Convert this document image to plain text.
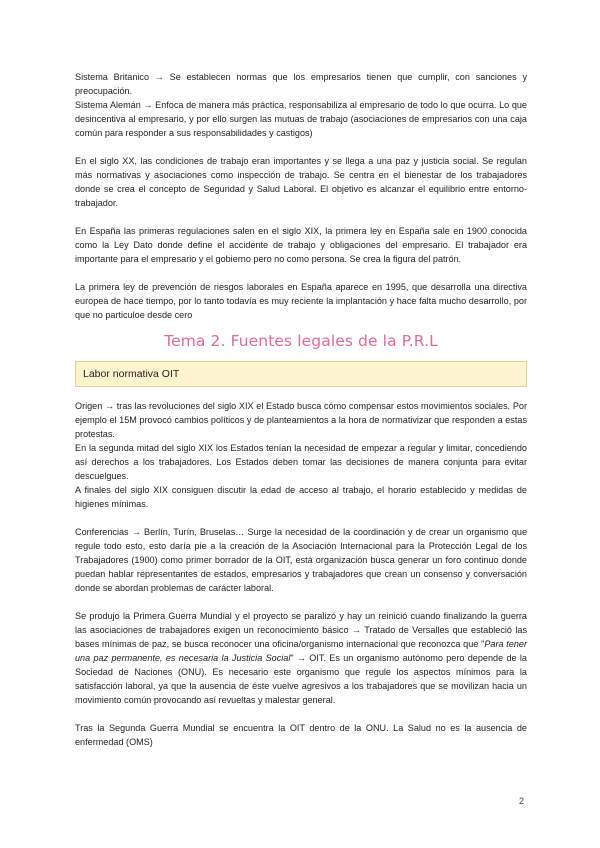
Sistema Britanico → Se establecen normas que los empresarios tienen que cumplir, con sanciones y preocupación.

Sistema Alemán → Enfoca de manera más práctica, responsabiliza al empresario de todo lo que ocurra. Lo que desincentiva al empresario, y por ello surgen las mutuas de trabajo (asociaciones de empresarios con una caja común para responder a sus responsabilidades y castigos)

En el siglo XX, las condiciones de trabajo eran importantes y se llega a una paz y justicia social. Se regulan más normativas y asociaciones como inspección de trabajo. Se centra en el bienestar de los trabajadores donde se crea el concepto de Seguridad y Salud Laboral. El objetivo es alcanzar el equilibrio entre entorno-trabajador.

En España las primeras regulaciones salen en el siglo XIX, la primera ley en España sale en 1900 conocida como la Ley Dato donde define el accidente de trabajo y obligaciones del empresario. El trabajador era importante para el empresario y el gobierno pero no como persona. Se crea la figura del patrón.

La primera ley de prevención de riesgos laborales en España aparece en 1995, que desarrolla una directiva europea de hace tiempo, por lo tanto todavía es muy reciente la implantación y hace falta mucho desarrollo, por que no particuloe desde cero

Tema 2. Fuentes legales de la P.R.L
Labor normativa OIT

Origen → tras las revoluciones del siglo XIX el Estado busca cómo compensar estos movimientos sociales. Por ejemplo el 15M provocó cambios políticos y de planteamientos a la hora de normativizar que responden a estas protestas.

En la segunda mitad del siglo XIX los Estados tenían la necesidad de empezar a regular y limitar, concediendo así derechos a los trabajadores. Los Estados deben tomar las decisiones de manera conjunta para evitar descuelgues.

A finales del siglo XIX consiguen discutir la edad de acceso al trabajo, el horario establecido y medidas de higienes mínimas.

Conferencias → Berlín, Turín, Bruselas… Surge la necesidad de la coordinación y de crear un organismo que regule todo esto, esto daría pie a la creación de la Asociación Internacional para la Protección Legal de los Trabajadores (1900) como primer borrador de la OIT, está organización busca generar un foro continuo donde puedan hablar representantes de estados, empresarios y trabajadores que crean un consenso y conversación donde se abordan problemas de carácter laboral.

Se produjo la Primera Guerra Mundial y el proyecto se paralizó y hay un reinició cuando finalizando la guerra las asociaciones de trabajadores exigen un reconocimiento básico → Tratado de Versalles que estableció las bases mínimas de paz, se busca reconocer una oficina/organismo internacional que reconozca que "Para tener una paz permanente, es necesaria la Justicia Social" → OIT. Es un organismo autónomo pero depende de la Sociedad de Naciones (ONU). Es necesario este organismo que regule los aspectos mínimos para la satisfacción laboral, ya que la ausencia de éste vuelve agresivos a los trabajadores que se movilizan hacia un movimiento común provocando así revueltas y malestar general.

Tras la Segunda Guerra Mundial se encuentra la OIT dentro de la ONU. La Salud no es la ausencia de enfermedad (OMS)

2
